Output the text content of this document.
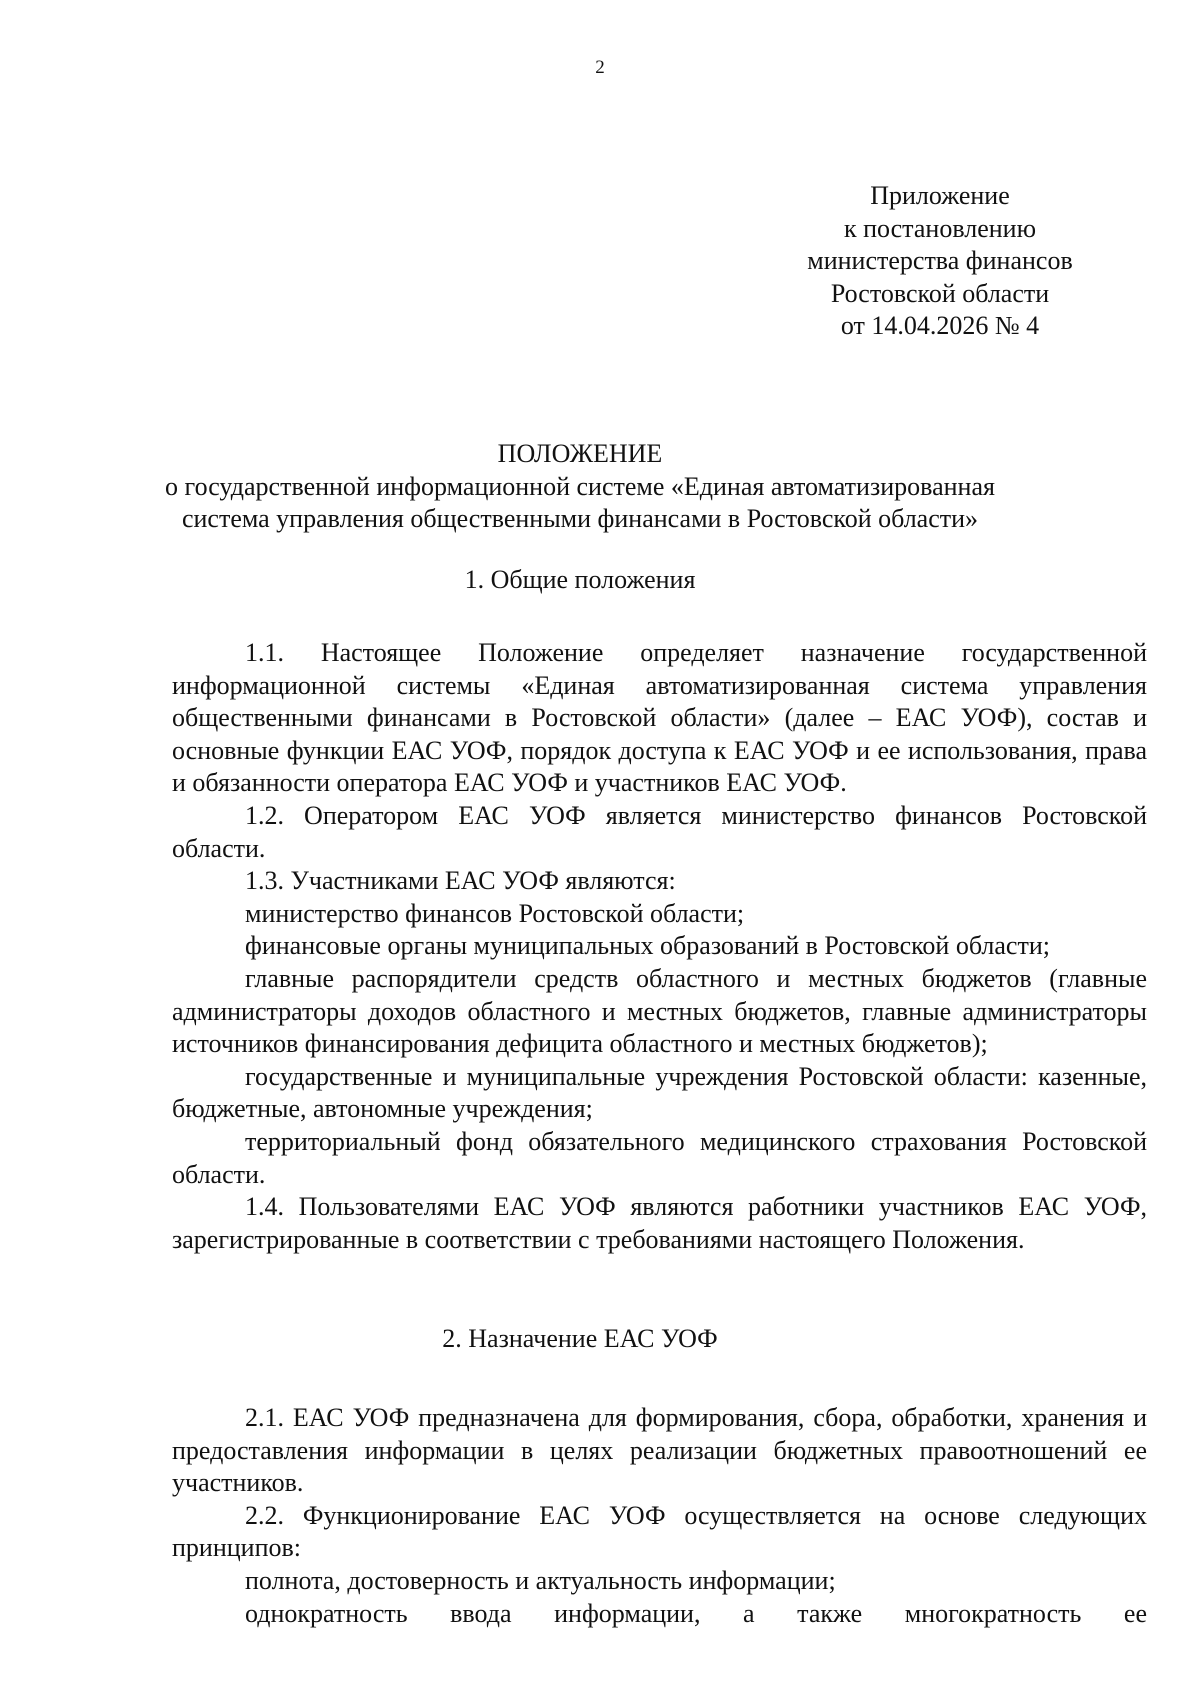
2
Приложение
к постановлению
министерства финансов
Ростовской области
от 14.04.2026 № 4
ПОЛОЖЕНИЕ
о государственной информационной системе «Единая автоматизированная
система управления общественными финансами в Ростовской области»
1. Общие положения

1.1. Настоящее Положение определяет назначение государственной информационной системы «Единая автоматизированная система управления общественными финансами в Ростовской области» (далее – ЕАС УОФ), состав и основные функции ЕАС УОФ, порядок доступа к ЕАС УОФ и ее использования, права и обязанности оператора ЕАС УОФ и участников ЕАС УОФ.

1.2. Оператором ЕАС УОФ является министерство финансов Ростовской области.

1.3. Участниками ЕАС УОФ являются:

министерство финансов Ростовской области;

финансовые органы муниципальных образований в Ростовской области;

главные распорядители средств областного и местных бюджетов (главные администраторы доходов областного и местных бюджетов, главные администраторы источников финансирования дефицита областного и местных бюджетов);

государственные и муниципальные учреждения Ростовской области: казенные, бюджетные, автономные учреждения;

территориальный фонд обязательного медицинского страхования Ростовской области.

1.4. Пользователями ЕАС УОФ являются работники участников ЕАС УОФ, зарегистрированные в соответствии с требованиями настоящего Положения.

2. Назначение ЕАС УОФ

2.1. ЕАС УОФ предназначена для формирования, сбора, обработки, хранения и предоставления информации в целях реализации бюджетных правоотношений ее участников.

2.2. Функционирование ЕАС УОФ осуществляется на основе следующих принципов:

полнота, достоверность и актуальность информации;

однократность ввода информации, а также многократность ее
